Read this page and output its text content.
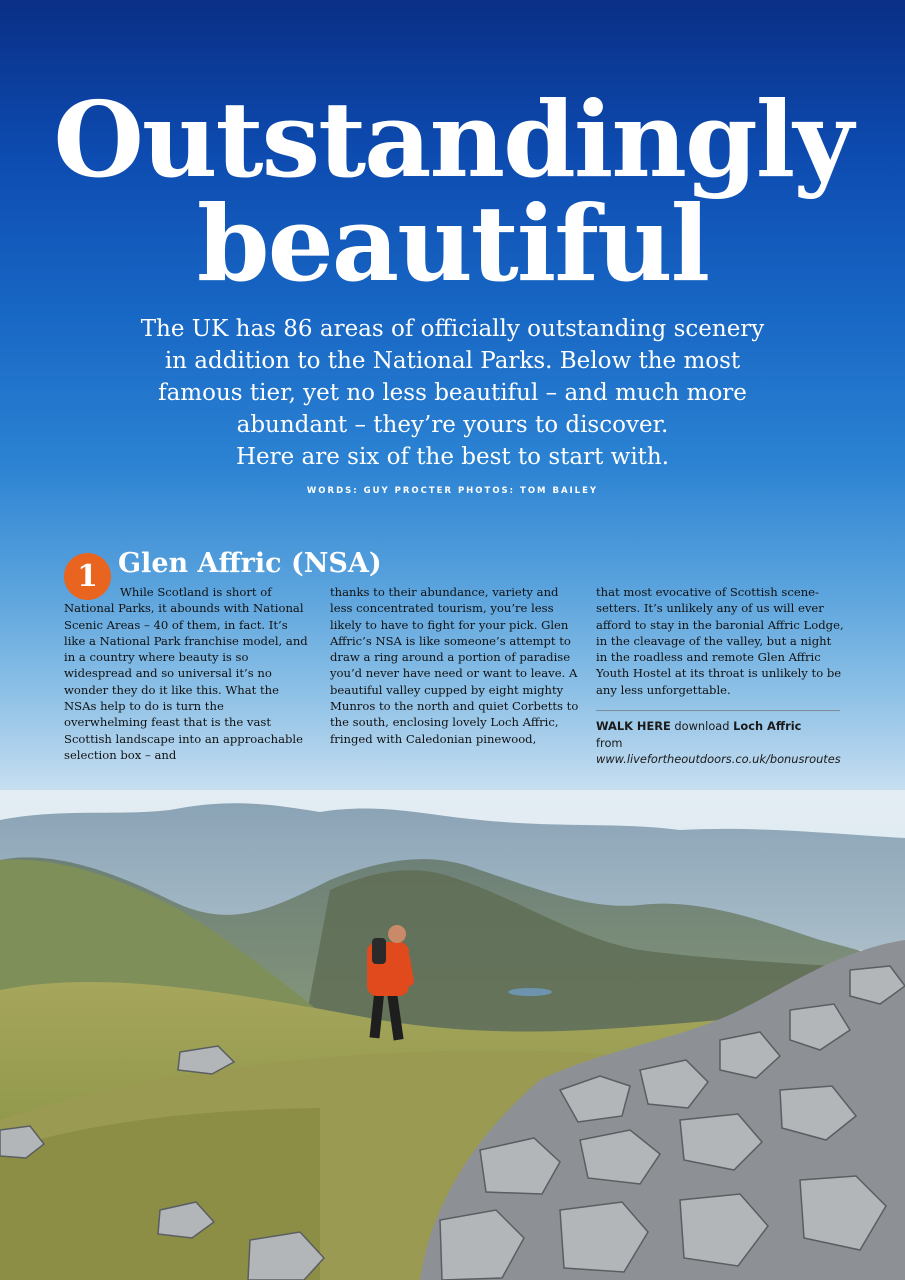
Outstandingly
beautiful

The UK has 86 areas of officially outstanding scenery
in addition to the National Parks. Below the most
famous tier, yet no less beautiful – and much more
abundant – they’re yours to discover.
Here are six of the best to start with.

WORDS: GUY PROCTER PHOTOS: TOM BAILEY
1 Glen Affric (NSA)

While Scotland is short of National Parks, it abounds with National Scenic Areas – 40 of them, in fact. It’s like a National Park franchise model, and in a country where beauty is so widespread and so universal it’s no wonder they do it like this. What the NSAs help to do is turn the overwhelming feast that is the vast Scottish landscape into an approachable selection box – and

thanks to their abundance, variety and less concentrated tourism, you’re less likely to have to fight for your pick. Glen Affric’s NSA is like someone’s attempt to draw a ring around a portion of paradise you’d never have need or want to leave. A beautiful valley cupped by eight mighty Munros to the north and quiet Corbetts to the south, enclosing lovely Loch Affric, fringed with Caledonian pinewood,

that most evocative of Scottish scene-setters. It’s unlikely any of us will ever afford to stay in the baronial Affric Lodge, in the cleavage of the valley, but a night in the roadless and remote Glen Affric Youth Hostel at its throat is unlikely to be any less unforgettable.

WALK HERE download Loch Affric
from www.livefortheoutdoors.co.uk/bonusroutes
